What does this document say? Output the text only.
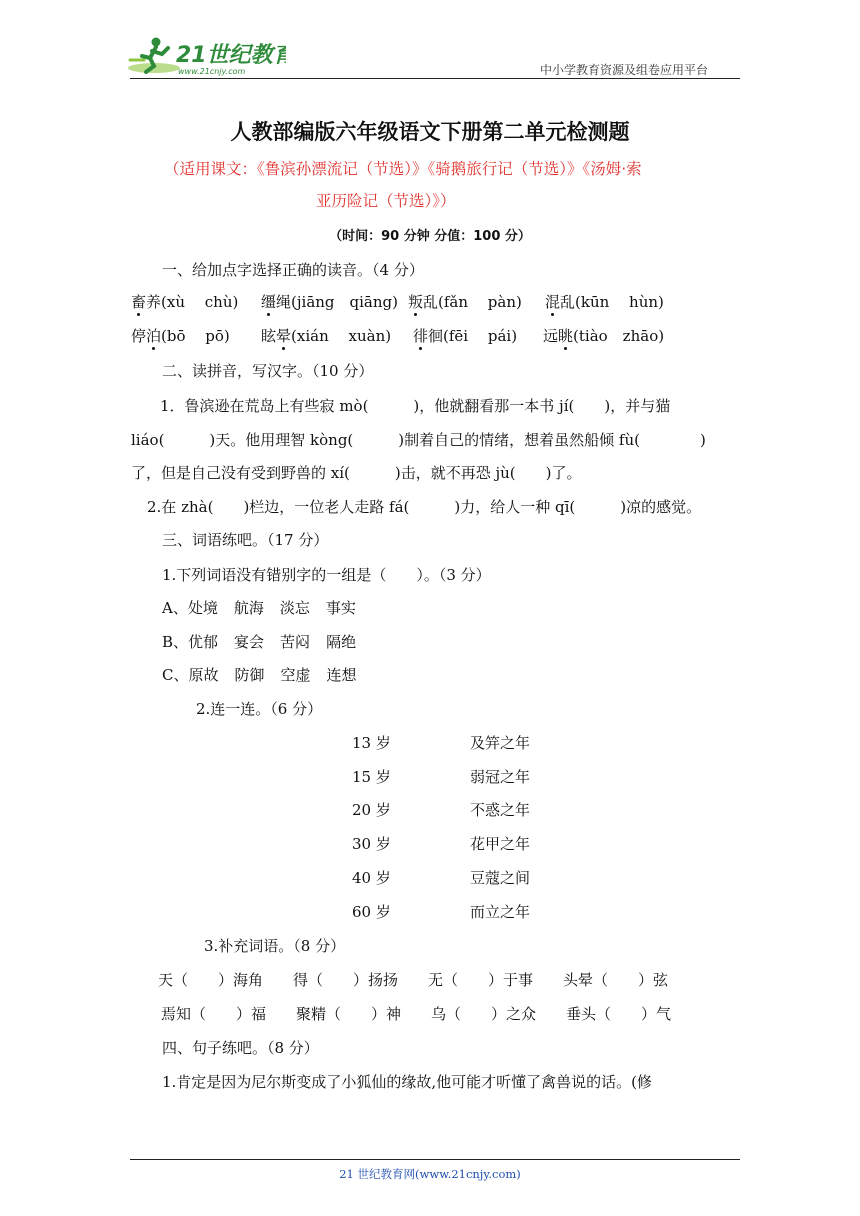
21世纪教育
www.21cnjy.com	中小学教育资源及组卷应用平台
人教部编版六年级语文下册第二单元检测题
（适用课文：《鲁滨孙漂流记（节选）》《骑鹅旅行记（节选）》《汤姆·索
亚历险记（节选）》）
（时间：90 分钟 分值：100 分）
一、给加点字选择正确的读音。（4 分）
畜养(xù　 chù) 缰绳(jiāng　qiāng) 叛乱(fǎn　 pàn) 混乱(kūn　 hùn)
停泊(bō　 pō) 眩晕(xián　 xuàn) 徘徊(fēi　 pái) 远眺(tiào　zhāo)
二、读拼音，写汉字。（10 分）
1．鲁滨逊在荒岛上有些寂 mò(　　　)，他就翻看那一本书 jí(　　)，并与猫
liáo(　　　)天。他用理智 kòng(　　　)制着自己的情绪，想着虽然船倾 fù(　　　　)
了，但是自己没有受到野兽的 xí(　　　)击，就不再恐 jù(　　)了。
2.在 zhà(　　)栏边，一位老人走路 fá(　　　)力，给人一种 qī(　　　)凉的感觉。
三、词语练吧。（17 分）
1.下列词语没有错别字的一组是（　　）。（3 分）
A、处境 航海 淡忘 事实
B、优郁 宴会 苦闷 隔绝
C、原故 防御 空虚 连想
2.连一连。（6 分）
13 岁
15 岁
20 岁
30 岁
40 岁
60 岁
及笄之年
弱冠之年
不惑之年
花甲之年
豆蔻之间
而立之年
3.补充词语。（8 分）
天（　　）海角　　得（　　）扬扬　　无（　　）于事　　头晕（　　）弦
焉知（　　）福　　聚精（　　）神　　乌（　　）之众　　垂头（　　）气
四、句子练吧。（8 分）
1.肯定是因为尼尔斯变成了小狐仙的缘故,他可能才听懂了禽兽说的话。(修
21 世纪教育网(www.21cnjy.com)
